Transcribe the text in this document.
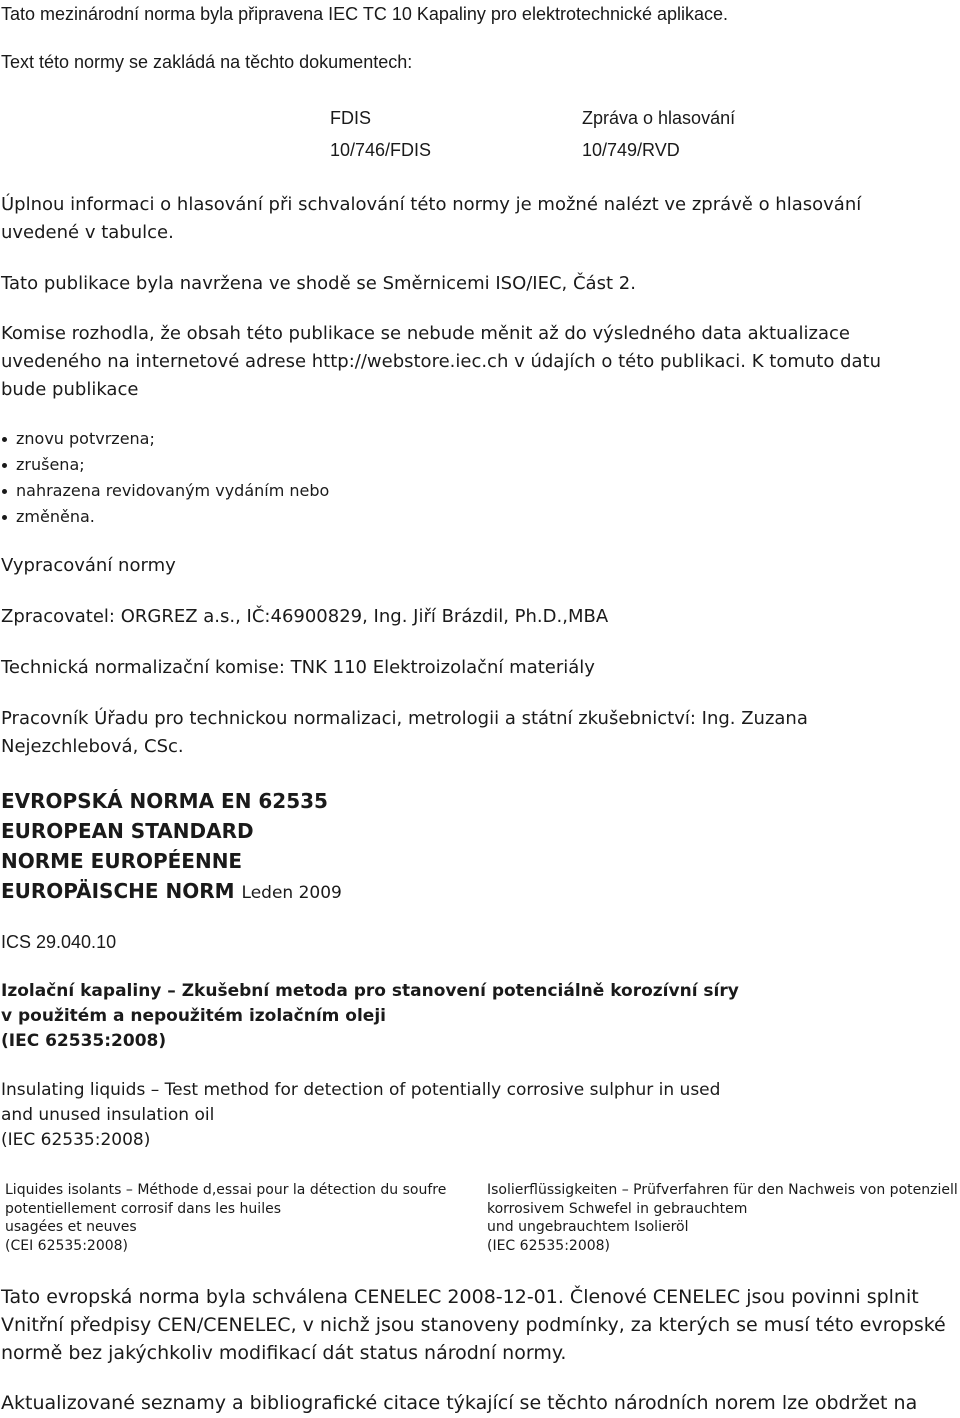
Tato mezinárodní norma byla připravena IEC TC 10 Kapaliny pro elektrotechnické aplikace.
Text této normy se zakládá na těchto dokumentech:
FDIS
10/746/FDIS
Zpráva o hlasování
10/749/RVD
Úplnou informaci o hlasování při schvalování této normy je možné nalézt ve zprávě o hlasování
uvedené v tabulce.
Tato publikace byla navržena ve shodě se Směrnicemi ISO/IEC, Část 2.
Komise rozhodla, že obsah této publikace se nebude měnit až do výsledného data aktualizace
uvedeného na internetové adrese http://webstore.iec.ch v údajích o této publikaci. K tomuto datu
bude publikace
znovu potvrzena;
zrušena;
nahrazena revidovaným vydáním nebo
změněna.
Vypracování normy
Zpracovatel: ORGREZ a.s., IČ:46900829, Ing. Jiří Brázdil, Ph.D.,MBA
Technická normalizační komise: TNK 110 Elektroizolační materiály
Pracovník Úřadu pro technickou normalizaci, metrologii a státní zkušebnictví: Ing. Zuzana
Nejezchlebová, CSc.
EVROPSKÁ NORMA EN 62535
EUROPEAN STANDARD
NORME EUROPÉENNE
EUROPÄISCHE NORM Leden 2009
ICS 29.040.10
Izolační kapaliny – Zkušební metoda pro stanovení potenciálně korozívní síry
v použitém a nepoužitém izolačním oleji
(IEC 62535:2008)
Insulating liquids – Test method for detection of potentially corrosive sulphur in used
and unused insulation oil
(IEC 62535:2008)
Liquides isolants – Méthode d,essai pour la détection du soufre
potentiellement corrosif dans les huiles
usagées et neuves
(CEI 62535:2008)
Isolierflüssigkeiten – Prüfverfahren für den Nachweis von potenziell
korrosivem Schwefel in gebrauchtem
und ungebrauchtem Isolieröl
(IEC 62535:2008)
Tato evropská norma byla schválena CENELEC 2008-12-01. Členové CENELEC jsou povinni splnit
Vnitřní předpisy CEN/CENELEC, v nichž jsou stanoveny podmínky, za kterých se musí této evropské
normě bez jakýchkoliv modifikací dát status národní normy.
Aktualizované seznamy a bibliografické citace týkající se těchto národních norem lze obdržet na
